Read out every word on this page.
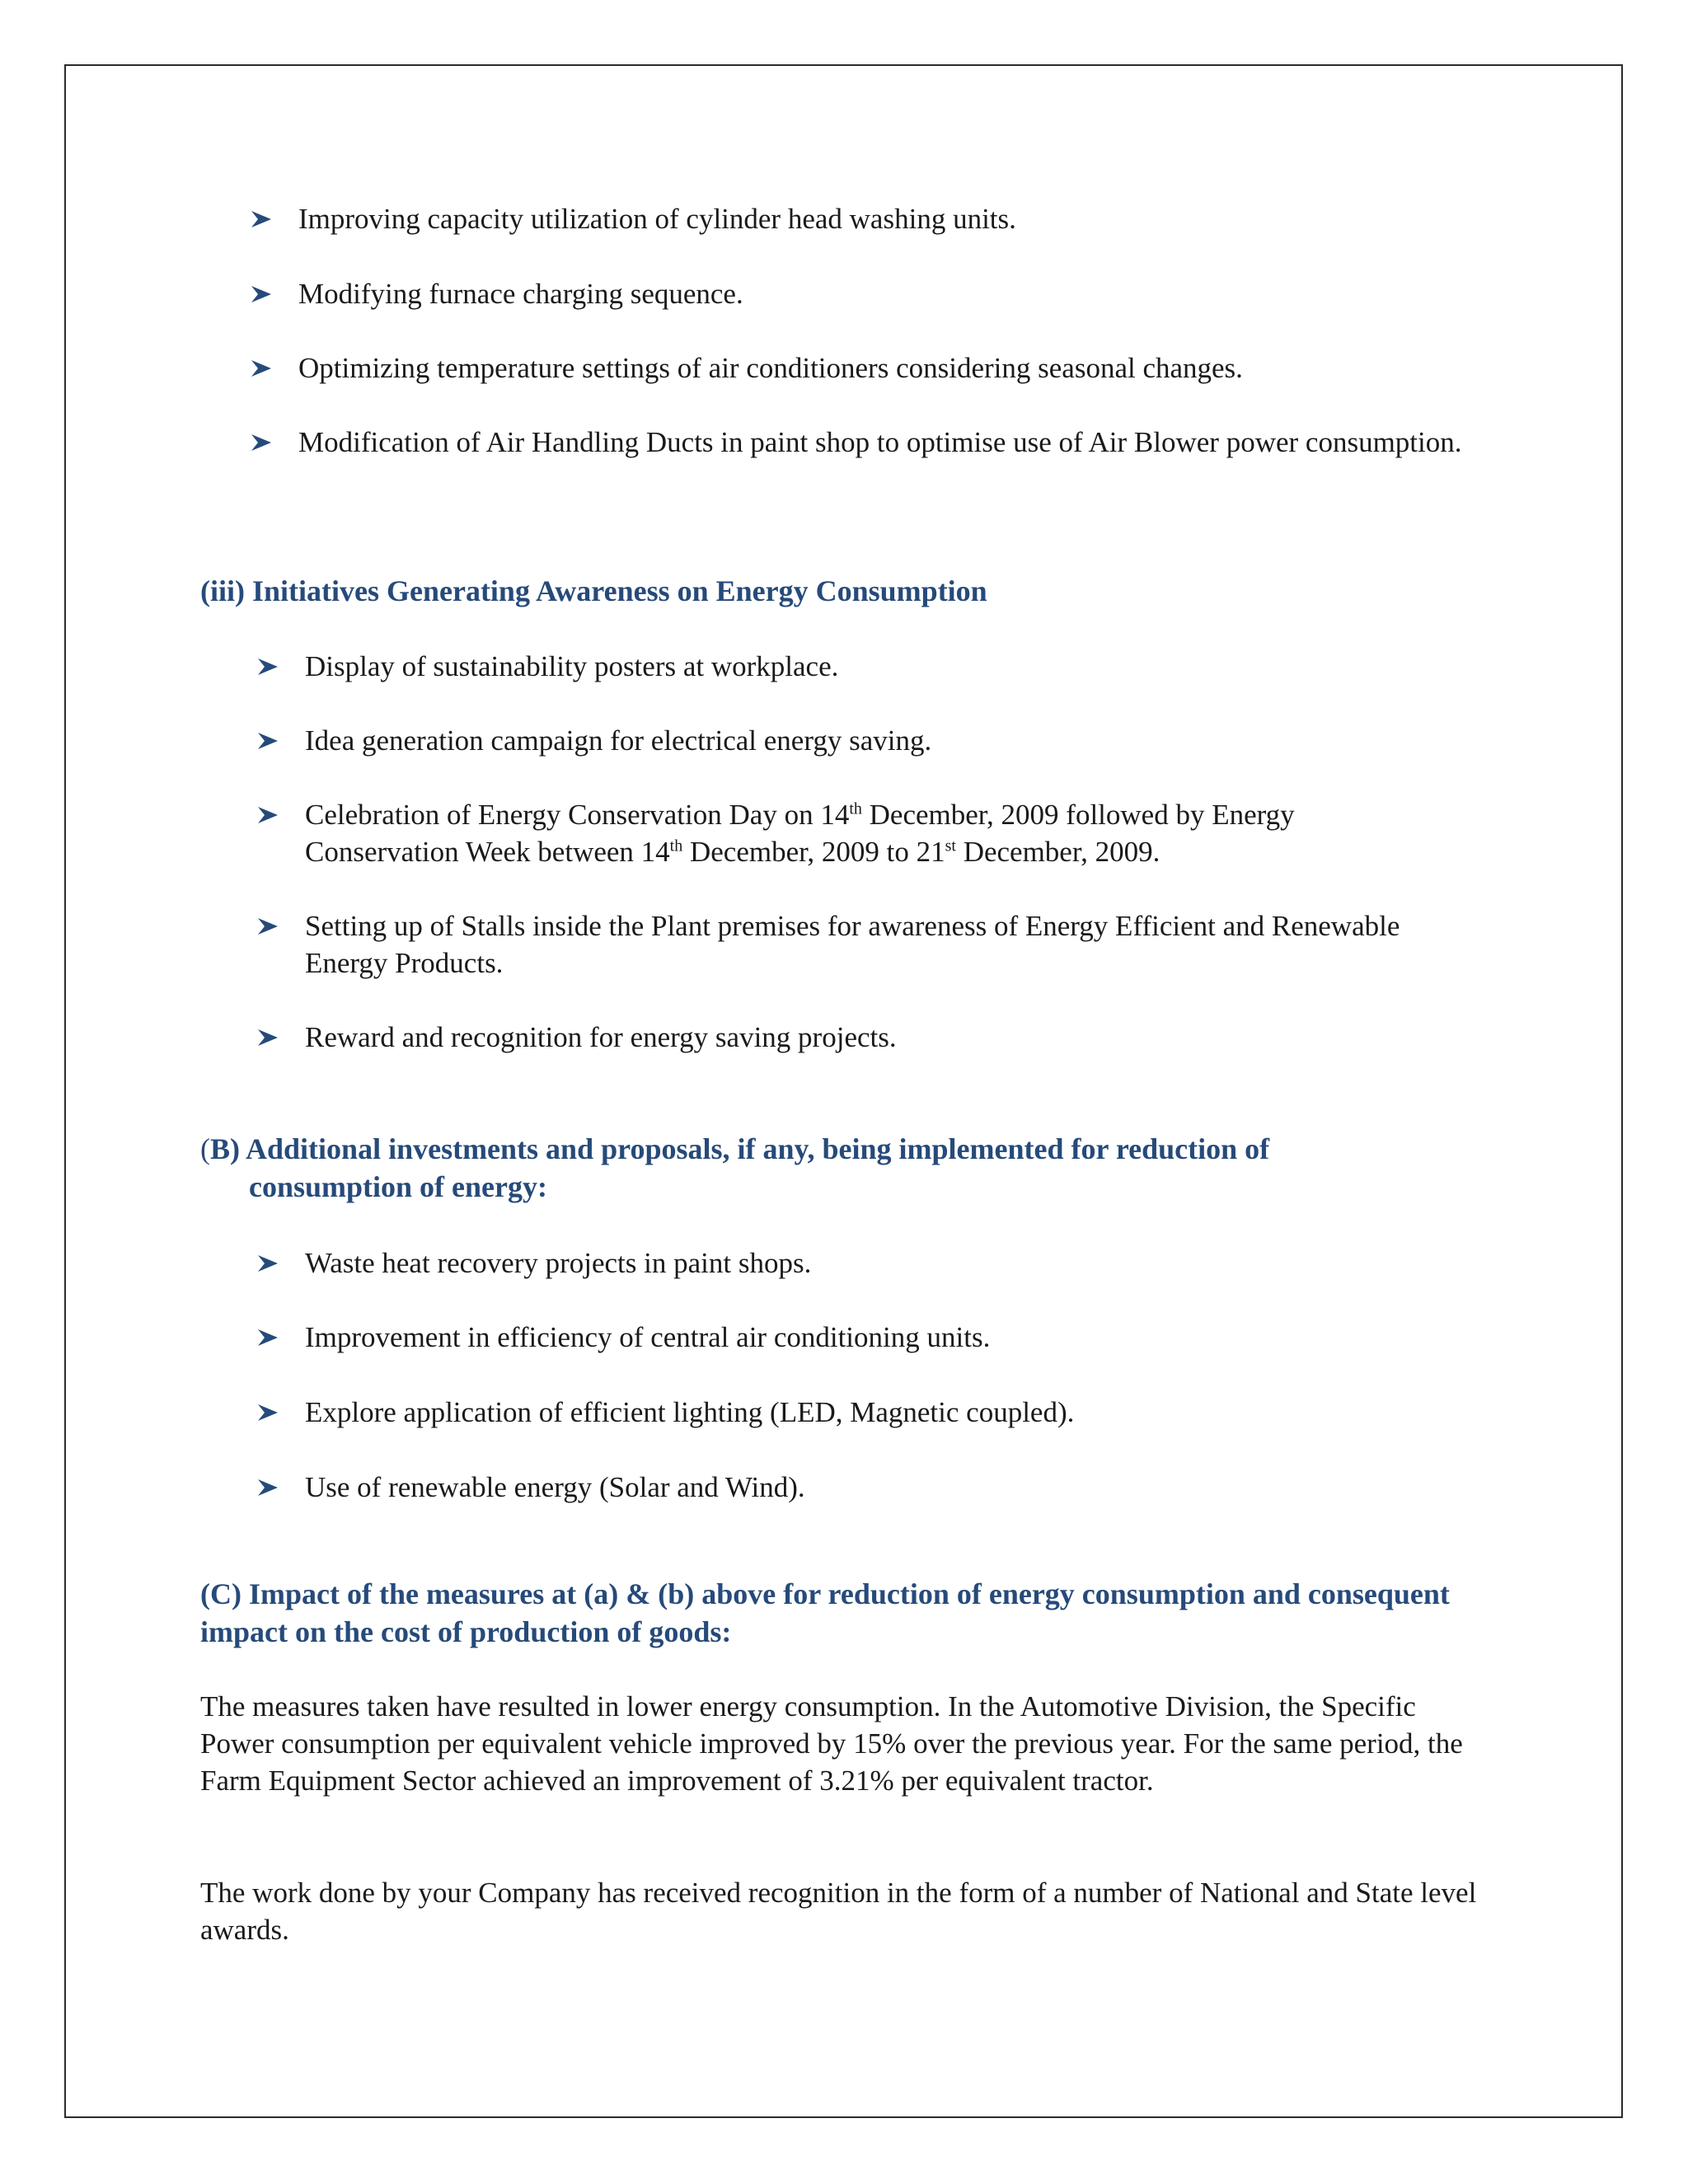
Improving capacity utilization of cylinder head washing units.
Modifying furnace charging sequence.
Optimizing temperature settings of air conditioners considering seasonal changes.
Modification of Air Handling Ducts in paint shop to optimise use of Air Blower power consumption.
(iii) Initiatives Generating Awareness on Energy Consumption
Display of sustainability posters at workplace.
Idea generation campaign for electrical energy saving.
Celebration of Energy Conservation Day on 14th December, 2009 followed by Energy Conservation Week between 14th December, 2009 to 21st December, 2009.
Setting up of Stalls inside the Plant premises for awareness of Energy Efficient and Renewable Energy Products.
Reward and recognition for energy saving projects.
(B) Additional investments and proposals, if any, being implemented for reduction of
consumption of energy:
Waste heat recovery projects in paint shops.
Improvement in efficiency of central air conditioning units.
Explore application of efficient lighting (LED, Magnetic coupled).
Use of renewable energy (Solar and Wind).
(C) Impact of the measures at (a) & (b) above for reduction of energy consumption and consequent impact on the cost of production of goods:
The measures taken have resulted in lower energy consumption. In the Automotive Division, the Specific Power consumption per equivalent vehicle improved by 15% over the previous year. For the same period, the Farm Equipment Sector achieved an improvement of 3.21% per equivalent tractor.
The work done by your Company has received recognition in the form of a number of National and State level awards.
